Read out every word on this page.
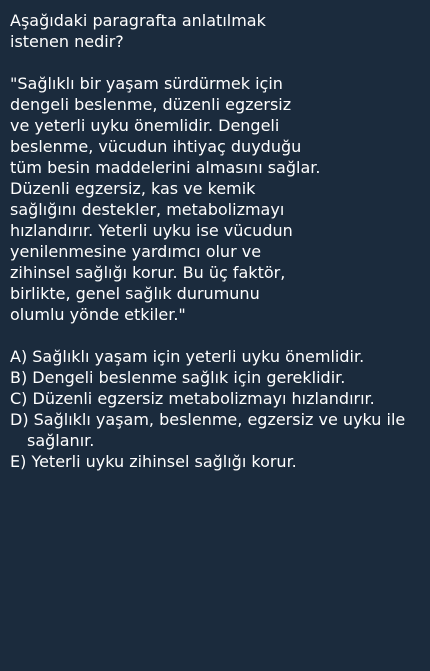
Aşağıdaki paragrafta anlatılmak
istenen nedir?

"Sağlıklı bir yaşam sürdürmek için
dengeli beslenme, düzenli egzersiz
ve yeterli uyku önemlidir. Dengeli
beslenme, vücudun ihtiyaç duyduğu
tüm besin maddelerini almasını sağlar.
Düzenli egzersiz, kas ve kemik
sağlığını destekler, metabolizmayı
hızlandırır. Yeterli uyku ise vücudun
yenilenmesine yardımcı olur ve
zihinsel sağlığı korur. Bu üç faktör,
birlikte, genel sağlık durumunu
olumlu yönde etkiler."

A) Sağlıklı yaşam için yeterli uyku önemlidir.
B) Dengeli beslenme sağlık için gereklidir.
C) Düzenli egzersiz metabolizmayı hızlandırır.
D) Sağlıklı yaşam, beslenme, egzersiz ve uyku ile sağlanır.
E) Yeterli uyku zihinsel sağlığı korur.
